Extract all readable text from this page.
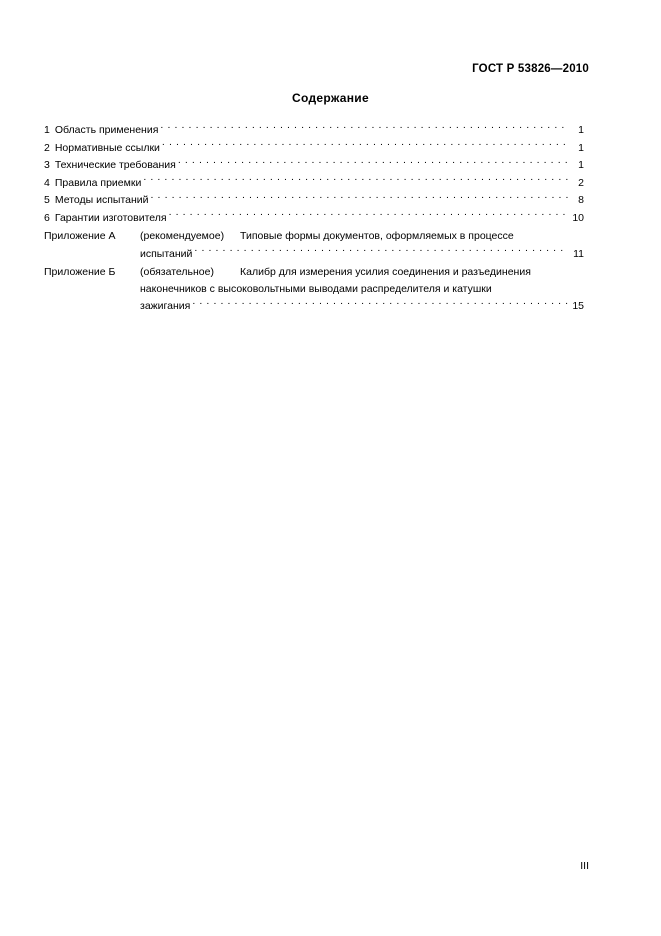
ГОСТ Р 53826—2010
Содержание
1 Область применения . . .	1
2 Нормативные ссылки . . .	1
3 Технические требования . . .	1
4 Правила приемки . . .	2
5 Методы испытаний . . .	8
6 Гарантии изготовителя . . .	10
Приложение А	(рекомендуемое)	Типовые формы документов, оформляемых в процессе
испытаний . . .	11
Приложение Б	(обязательное)	Калибр для измерения усилия соединения и разъединения
наконечников с высоковольтными выводами распределителя и катушки
зажигания . . .	15
III
